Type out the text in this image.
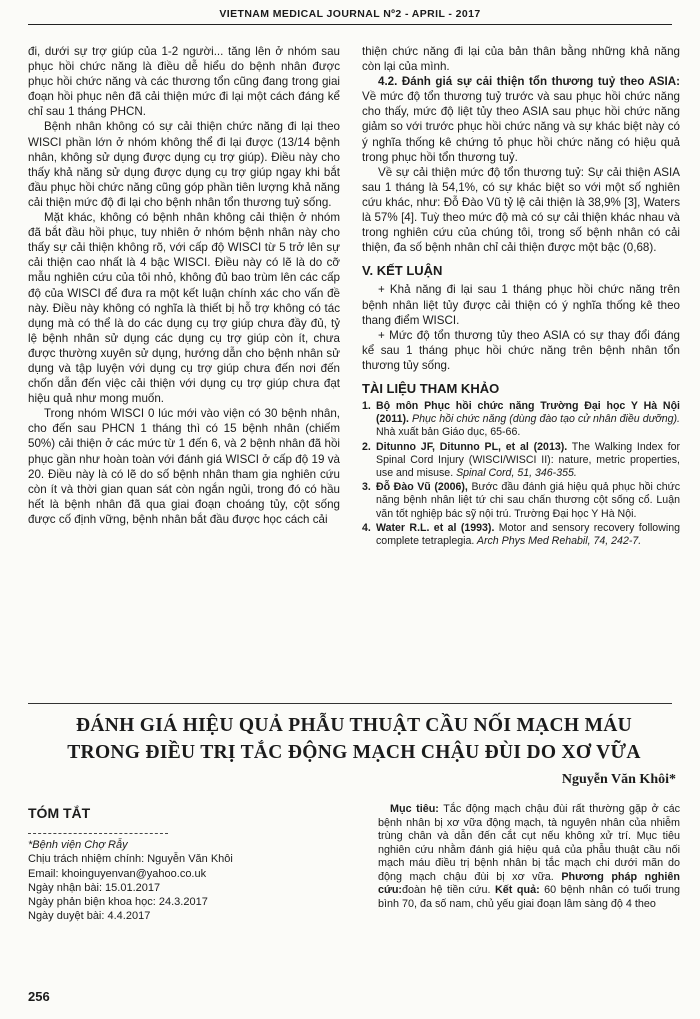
VIETNAM MEDICAL JOURNAL Nº2 - APRIL - 2017

đi, dưới sự trợ giúp của 1-2 người... tăng lên ở nhóm sau phục hồi chức năng là điều dễ hiểu do bệnh nhân được phục hồi chức năng và các thương tổn cũng đang trong giai đoạn hồi phục nên đã cải thiện mức đi lại một cách đáng kể chỉ sau 1 tháng PHCN.

Bệnh nhân không có sự cải thiện chức năng đi lại theo WISCI phần lớn ở nhóm không thể đi lại được (13/14 bệnh nhân, không sử dụng được dụng cụ trợ giúp). Điều này cho thấy khả năng sử dụng được dụng cụ trợ giúp ngay khi bắt đầu phục hồi chức năng cũng góp phần tiên lượng khả năng cải thiện mức độ đi lại cho bệnh nhân tổn thương tuỷ sống.

Mặt khác, không có bệnh nhân không cải thiện ở nhóm đã bắt đầu hồi phục, tuy nhiên ở nhóm bệnh nhân này cho thấy sự cải thiện không rõ, với cấp độ WISCI từ 5 trở lên sự cải thiện cao nhất là 4 bậc WISCI. Điều này có lẽ là do cỡ mẫu nghiên cứu của tôi nhỏ, không đủ bao trùm lên các cấp độ của WISCI để đưa ra một kết luận chính xác cho vấn đề này. Điều này không có nghĩa là thiết bị hỗ trợ không có tác dụng mà có thể là do các dụng cụ trợ giúp chưa đầy đủ, tỷ lệ bệnh nhân sử dụng các dụng cụ trợ giúp còn ít, chưa được thường xuyên sử dụng, hướng dẫn cho bệnh nhân sử dụng và tập luyện với dụng cụ trợ giúp chưa đến nơi đến chốn dẫn đến việc cải thiện với dụng cụ trợ giúp chưa đạt hiệu quả như mong muốn.

Trong nhóm WISCI 0 lúc mới vào viện có 30 bệnh nhân, cho đến sau PHCN 1 tháng thì có 15 bệnh nhân (chiếm 50%) cải thiện ở các mức từ 1 đến 6, và 2 bệnh nhân đã hồi phục gần như hoàn toàn với đánh giá WISCI ở cấp độ 19 và 20. Điều này là có lẽ do số bệnh nhân tham gia nghiên cứu còn ít và thời gian quan sát còn ngắn ngủi, trong đó có hầu hết là bệnh nhân đã qua giai đoạn choáng tủy, cột sống được cố định vững, bệnh nhân bắt đầu được học cách cải

thiện chức năng đi lại của bản thân bằng những khả năng còn lại của mình.

4.2. Đánh giá sự cải thiện tổn thương tuỷ theo ASIA: Về mức độ tổn thương tuỷ trước và sau phục hồi chức năng cho thấy, mức độ liệt tủy theo ASIA sau phục hồi chức năng giảm so với trước phục hồi chức năng và sự khác biệt này có ý nghĩa thống kê chứng tỏ phục hồi chức năng có hiệu quả trong phục hồi tổn thương tuỷ.

Về sự cải thiện mức độ tổn thương tuỷ: Sự cải thiện ASIA sau 1 tháng là 54,1%, có sự khác biệt so với một số nghiên cứu khác, như: Đỗ Đào Vũ tỷ lệ cải thiện là 38,9% [3], Waters là 57% [4]. Tuỳ theo mức độ mà có sự cải thiện khác nhau và trong nghiên cứu của chúng tôi, trong số bệnh nhân có cải thiện, đa số bệnh nhân chỉ cải thiện được một bậc (0,68).

V. KẾT LUẬN

+ Khả năng đi lại sau 1 tháng phục hồi chức năng trên bệnh nhân liệt tủy được cải thiện có ý nghĩa thống kê theo thang điểm WISCI.

+ Mức độ tổn thương tủy theo ASIA có sự thay đổi đáng kể sau 1 tháng phục hồi chức năng trên bệnh nhân tổn thương tủy sống.

TÀI LIỆU THAM KHẢO
1. Bộ môn Phục hồi chức năng Trường Đại học Y Hà Nội (2011). Phục hồi chức năng (dùng đào tạo cử nhân điều dưỡng). Nhà xuất bản Giáo dục, 65-66.
2. Ditunno JF, Ditunno PL, et al (2013). The Walking Index for Spinal Cord Injury (WISCI/WISCI II): nature, metric properties, use and misuse. Spinal Cord, 51, 346-355.
3. Đỗ Đào Vũ (2006), Bước đầu đánh giá hiệu quả phục hồi chức năng bệnh nhân liệt tứ chi sau chấn thương cột sống cổ. Luận văn tốt nghiệp bác sỹ nội trú. Trường Đại học Y Hà Nội.
4. Water R.L. et al (1993). Motor and sensory recovery following complete tetraplegia. Arch Phys Med Rehabil, 74, 242-7.
ĐÁNH GIÁ HIỆU QUẢ PHẪU THUẬT CẦU NỐI MẠCH MÁU
TRONG ĐIỀU TRỊ TẮC ĐỘNG MẠCH CHẬU ĐÙI DO XƠ VỮA
Nguyễn Văn Khôi*
TÓM TẮT
*Bệnh viện Chợ Rẫy
Chịu trách nhiệm chính: Nguyễn Văn Khôi
Email: khoinguyenvan@yahoo.co.uk
Ngày nhận bài: 15.01.2017
Ngày phản biện khoa học: 24.3.2017
Ngày duyệt bài: 4.4.2017
Mục tiêu: Tắc động mạch chậu đùi rất thường gặp ở các bệnh nhân bị xơ vữa động mạch, tà nguyên nhân của nhiễm trùng chân và dẫn đến cắt cụt nếu không xử trí. Mục tiêu nghiên cứu nhằm đánh giá hiệu quả của phẫu thuật cầu nối mạch máu điều trị bệnh nhân bị tắc mạch chi dưới mãn do động mạch chậu đùi bị xơ vữa. Phương pháp nghiên cứu:đoàn hệ tiền cứu. Kết quả: 60 bệnh nhân có tuổi trung bình 70, đa số nam, chủ yếu giai đoạn lâm sàng độ 4 theo
256
